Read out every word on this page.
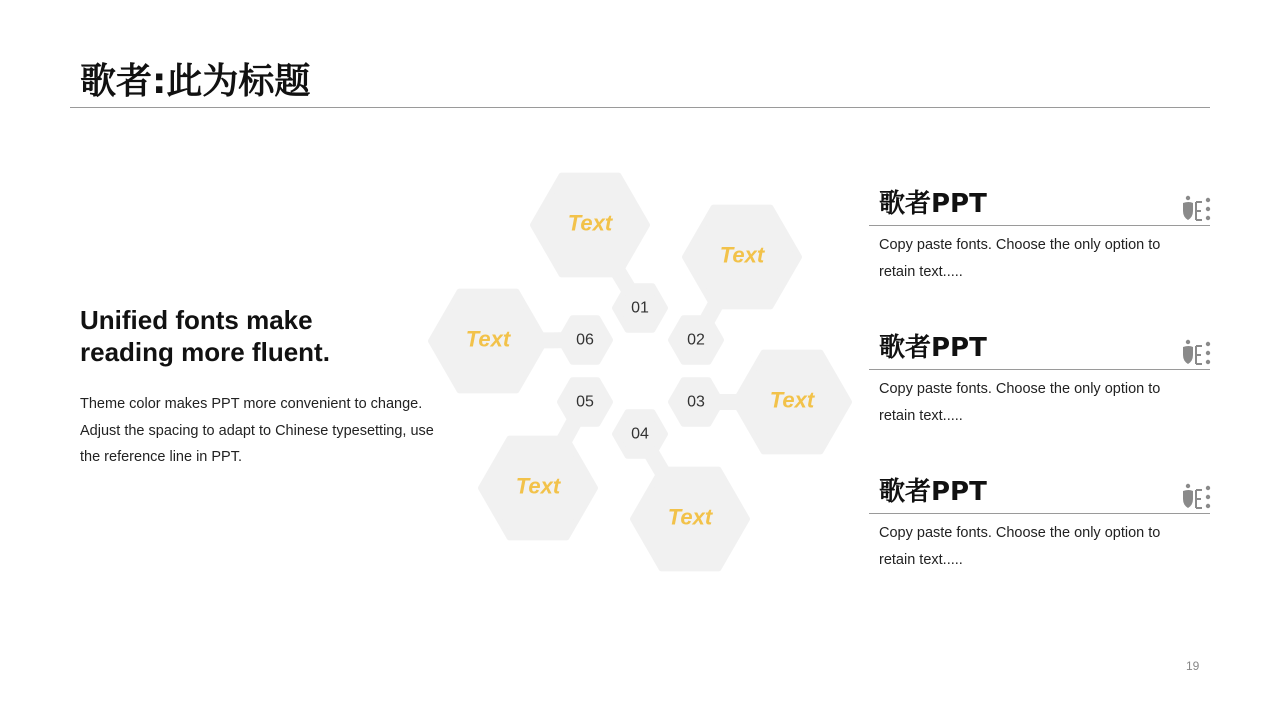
歌者:此为标题
Unified fonts make reading more fluent.
Theme color makes PPT more convenient to change. Adjust the spacing to adapt to Chinese typesetting, use the reference line in PPT.
Text
01
Text
02
Text
03
Text
04
Text
05
Text	06
歌者PPT
Copy paste fonts. Choose the only option to retain text.....
歌者PPT
Copy paste fonts. Choose the only option to retain text.....
歌者PPT
Copy paste fonts. Choose the only option to retain text.....
19
